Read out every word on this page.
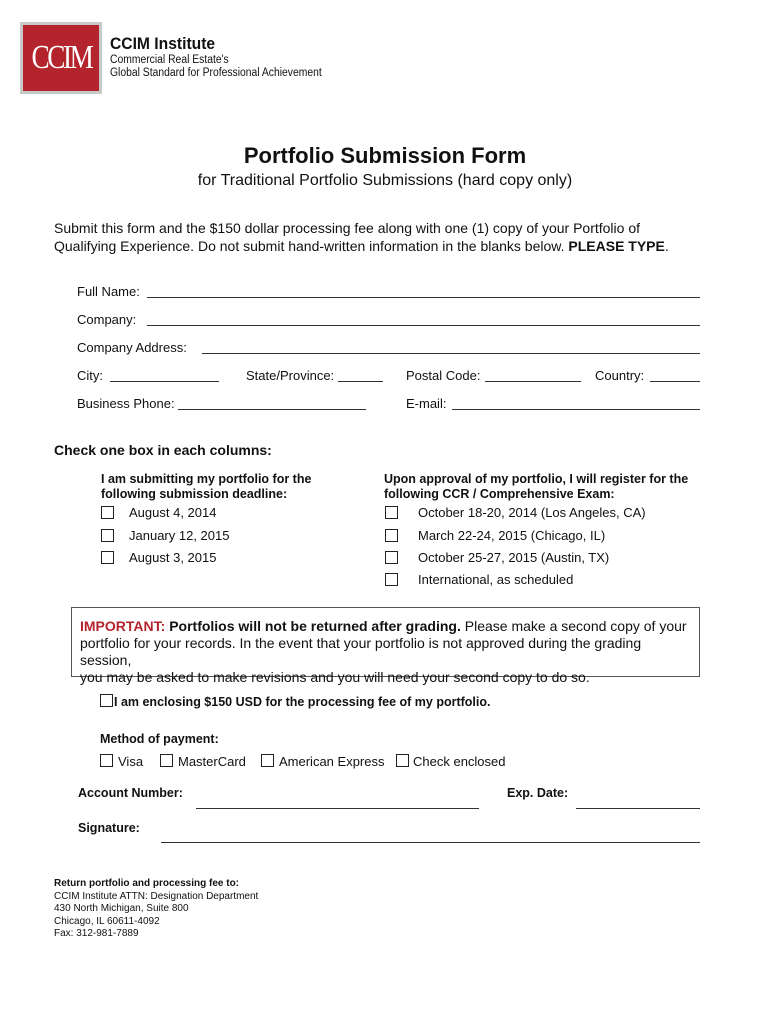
CCIM CCIM Institute
Commercial Real Estate's
Global Standard for Professional Achievement
Portfolio Submission Form
for Traditional Portfolio Submissions (hard copy only)
Submit this form and the $150 dollar processing fee along with one (1) copy of your Portfolio of Qualifying Experience. Do not submit hand-written information in the blanks below. PLEASE TYPE.
Full Name:
Company:
Company Address:
City:	State/Province:	Postal Code:	Country:
Business Phone:	E-mail:
Check one box in each columns:
I am submitting my portfolio for the
following submission deadline:
Upon approval of my portfolio, I will register for the
following CCR / Comprehensive Exam:
August 4, 2014
January 12, 2015
August 3, 2015
October 18-20, 2014 (Los Angeles, CA)
March 22-24, 2015 (Chicago, IL)
October 25-27, 2015 (Austin, TX)
International, as scheduled
IMPORTANT: Portfolios will not be returned after grading. Please make a second copy of your
portfolio for your records. In the event that your portfolio is not approved during the grading session,
you may be asked to make revisions and you will need your second copy to do so.
I am enclosing $150 USD for the processing fee of my portfolio.
Method of payment:
Visa	MasterCard	American Express Check enclosed
Account Number:	Exp. Date:
Signature:
Return portfolio and processing fee to:
CCIM Institute ATTN: Designation Department
430 North Michigan, Suite 800
Chicago, IL 60611-4092
Fax: 312-981-7889
